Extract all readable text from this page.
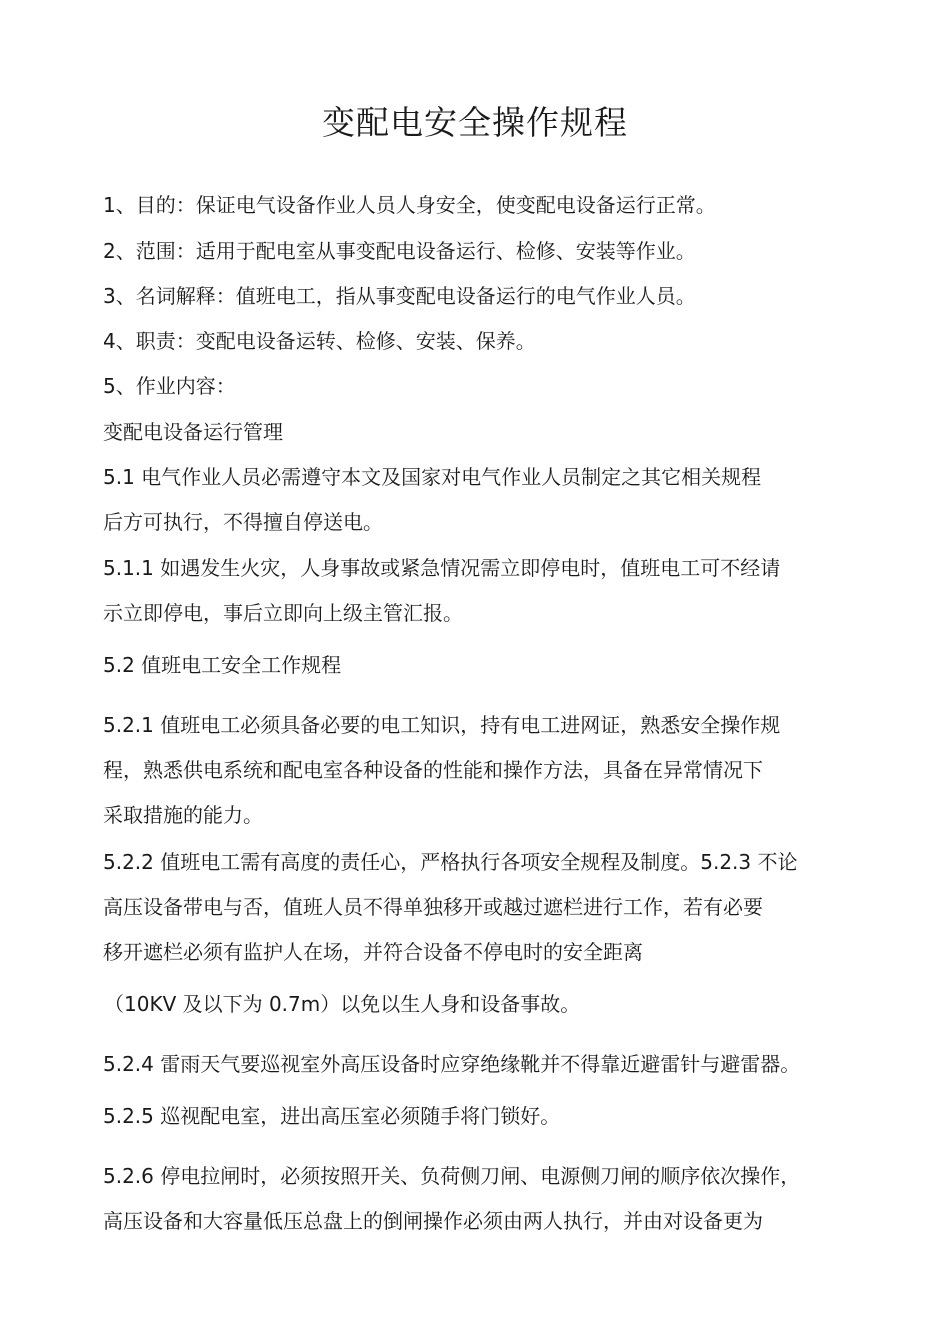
变配电安全操作规程
1、目的：保证电气设备作业人员人身安全，使变配电设备运行正常。
2、范围：适用于配电室从事变配电设备运行、检修、安装等作业。
3、名词解释：值班电工，指从事变配电设备运行的电气作业人员。
4、职责：变配电设备运转、检修、安装、保养。
5、作业内容：
变配电设备运行管理
5.1 电气作业人员必需遵守本文及国家对电气作业人员制定之其它相关规程
后方可执行，不得擅自停送电。
5.1.1 如遇发生火灾，人身事故或紧急情况需立即停电时，值班电工可不经请
示立即停电，事后立即向上级主管汇报。
5.2 值班电工安全工作规程
5.2.1 值班电工必须具备必要的电工知识，持有电工进网证，熟悉安全操作规
程，熟悉供电系统和配电室各种设备的性能和操作方法，具备在异常情况下
采取措施的能力。
5.2.2 值班电工需有高度的责任心，严格执行各项安全规程及制度。5.2.3 不论
高压设备带电与否，值班人员不得单独移开或越过遮栏进行工作，若有必要
移开遮栏必须有监护人在场，并符合设备不停电时的安全距离
（10KV 及以下为 0.7m）以免以生人身和设备事故。
5.2.4 雷雨天气要巡视室外高压设备时应穿绝缘靴并不得靠近避雷针与避雷器。
5.2.5 巡视配电室，进出高压室必须随手将门锁好。
5.2.6 停电拉闸时，必须按照开关、负荷侧刀闸、电源侧刀闸的顺序依次操作，
高压设备和大容量低压总盘上的倒闸操作必须由两人执行，并由对设备更为
